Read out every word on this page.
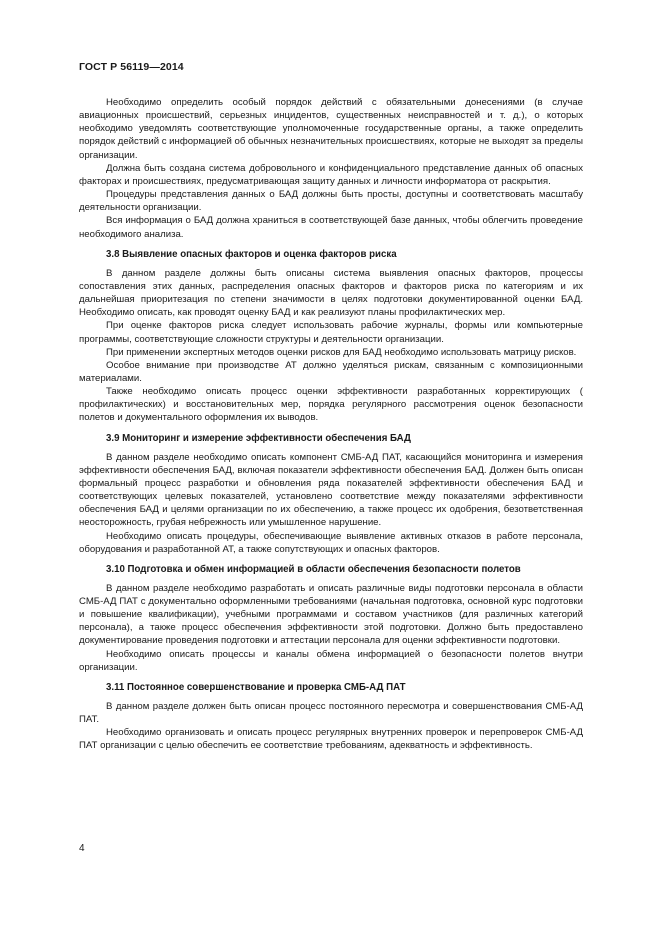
ГОСТ Р 56119—2014

Необходимо определить особый порядок действий с обязательными донесениями (в случае авиационных происшествий, серьезных инцидентов, существенных неисправностей и т. д.), о которых необходимо уведомлять соответствующие уполномоченные государственные органы, а также определить порядок действий с информацией об обычных незначительных происшествиях, которые не выходят за пределы организации.

Должна быть создана система добровольного и конфиденциального представление данных об опасных факторах и происшествиях, предусматривающая защиту данных и личности информатора от раскрытия.

Процедуры представления данных о БАД должны быть просты, доступны и соответствовать масштабу деятельности организации.

Вся информация о БАД должна храниться в соответствующей базе данных, чтобы облегчить проведение необходимого анализа.

3.8 Выявление опасных факторов и оценка факторов риска

В данном разделе должны быть описаны система выявления опасных факторов, процессы сопоставления этих данных, распределения опасных факторов и факторов риска по категориям и их дальнейшая приоритезация по степени значимости в целях подготовки документированной оценки БАД. Необходимо описать, как проводят оценку БАД и как реализуют планы профилактических мер.

При оценке факторов риска следует использовать рабочие журналы, формы или компьютерные программы, соответствующие сложности структуры и деятельности организации.

При применении экспертных методов оценки рисков для БАД необходимо использовать матрицу рисков.

Особое внимание при производстве АТ должно уделяться рискам, связанным с композиционными материалами.

Также необходимо описать процесс оценки эффективности разработанных корректирующих ( профилактических) и восстановительных мер, порядка регулярного рассмотрения оценок безопасности полетов и документального оформления их выводов.

3.9 Мониторинг и измерение эффективности обеспечения БАД

В данном разделе необходимо описать компонент СМБ-АД ПАТ, касающийся мониторинга и измерения эффективности обеспечения БАД, включая показатели эффективности обеспечения БАД. Должен быть описан формальный процесс разработки и обновления ряда показателей эффективности обеспечения БАД и соответствующих целевых показателей, установлено соответствие между показателями эффективности обеспечения БАД и целями организации по их обеспечению, а также процесс их одобрения, безответственная неосторожность, грубая небрежность или умышленное нарушение.

Необходимо описать процедуры, обеспечивающие выявление активных отказов в работе персонала, оборудования и разработанной АТ, а также сопутствующих и опасных факторов.

3.10 Подготовка и обмен информацией в области обеспечения безопасности полетов

В данном разделе необходимо разработать и описать различные виды подготовки персонала в области СМБ-АД ПАТ с документально оформленными требованиями (начальная подготовка, основной курс подготовки и повышение квалификации), учебными программами и составом участников (для различных категорий персонала), а также процесс обеспечения эффективности этой подготовки. Должно быть предоставлено документирование проведения подготовки и аттестации персонала для оценки эффективности подготовки.

Необходимо описать процессы и каналы обмена информацией о безопасности полетов внутри организации.

3.11 Постоянное совершенствование и проверка СМБ-АД ПАТ

В данном разделе должен быть описан процесс постоянного пересмотра и совершенствования СМБ-АД ПАТ.

Необходимо организовать и описать процесс регулярных внутренних проверок и перепроверок СМБ-АД ПАТ организации с целью обеспечить ее соответствие требованиям, адекватность и эффективность.

4
